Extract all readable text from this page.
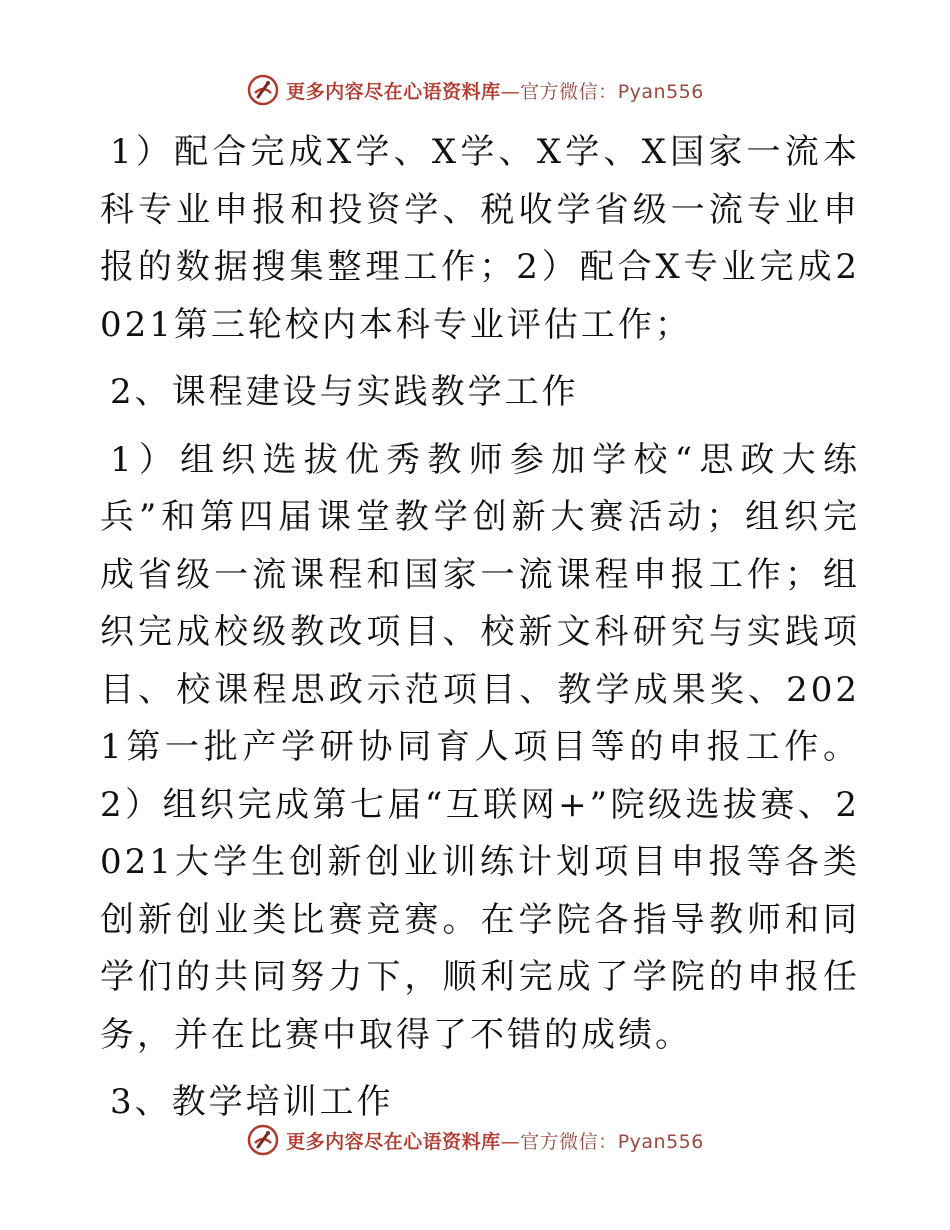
更多内容尽在心语资料库—官方微信：Pyan556

1）配合完成X学、X学、X学、X国家一流本科专业申报和投资学、税收学省级一流专业申报的数据搜集整理工作；2）配合X专业完成2021第三轮校内本科专业评估工作；

2、课程建设与实践教学工作

1）组织选拔优秀教师参加学校“思政大练兵”和第四届课堂教学创新大赛活动；组织完成省级一流课程和国家一流课程申报工作；组织完成校级教改项目、校新文科研究与实践项目、校课程思政示范项目、教学成果奖、2021第一批产学研协同育人项目等的申报工作。2）组织完成第七届“互联网+”院级选拔赛、2021大学生创新创业训练计划项目申报等各类创新创业类比赛竞赛。在学院各指导教师和同学们的共同努力下，顺利完成了学院的申报任务，并在比赛中取得了不错的成绩。

3、教学培训工作

更多内容尽在心语资料库—官方微信：Pyan556
